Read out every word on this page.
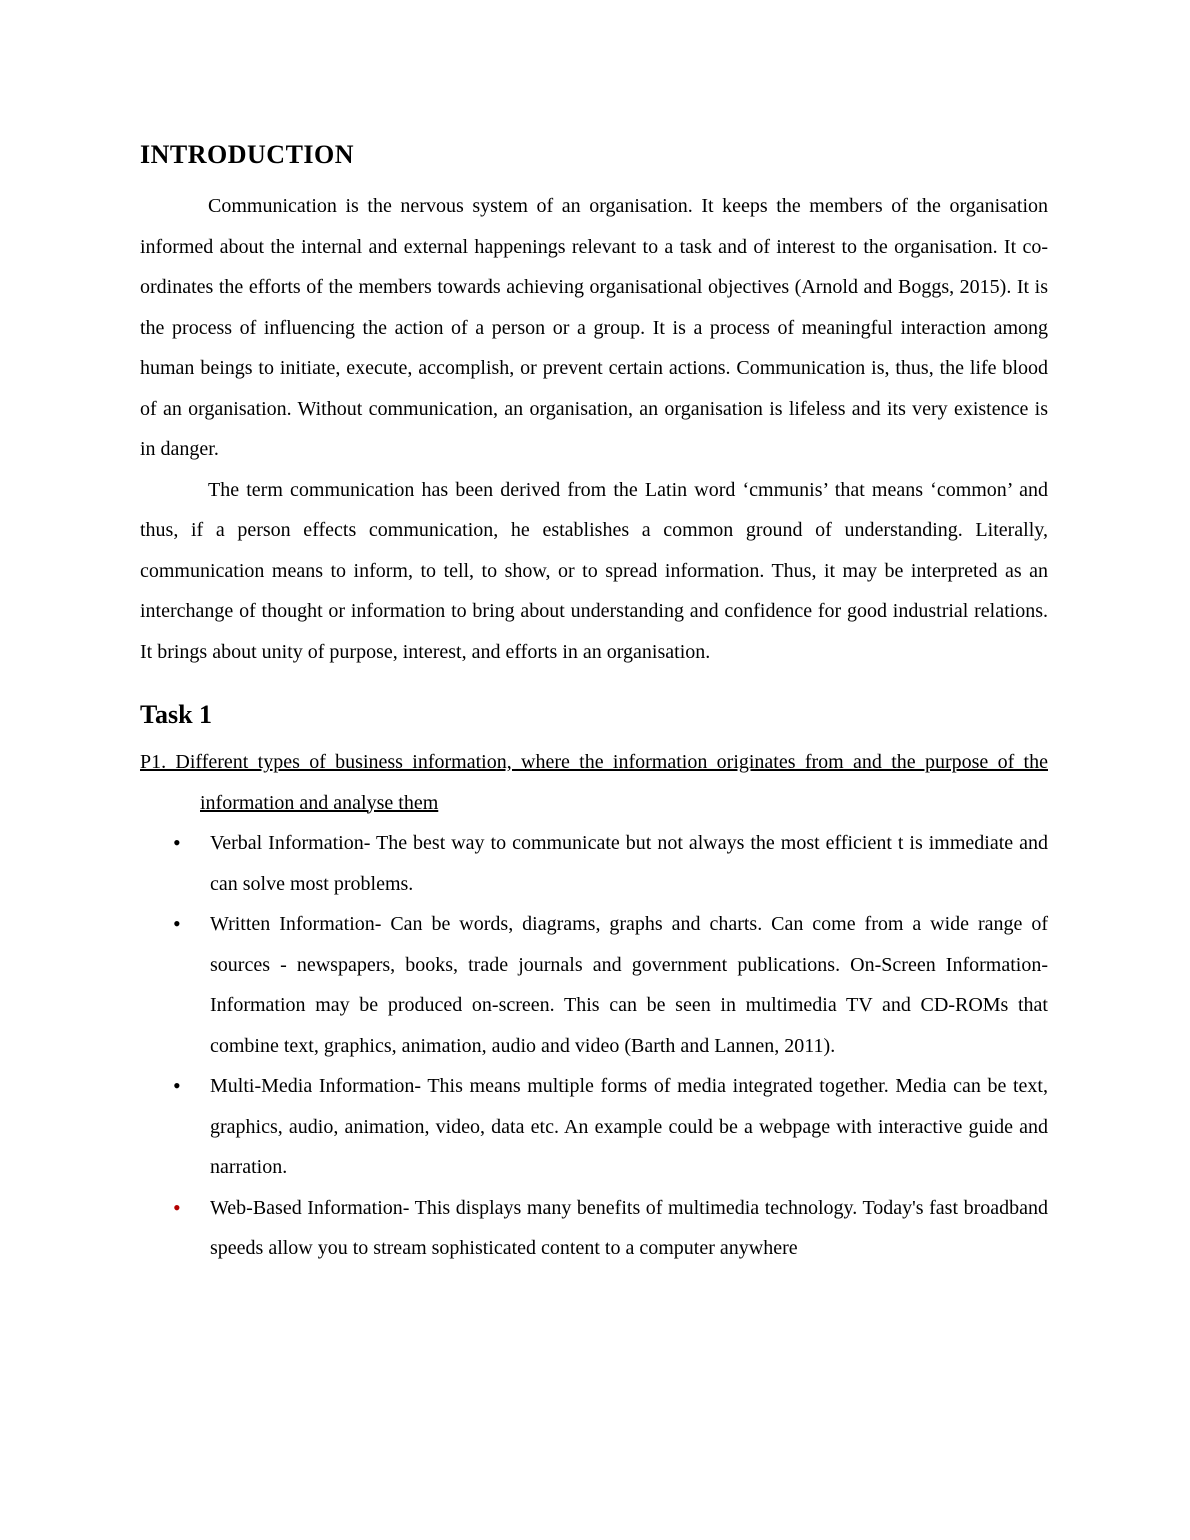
INTRODUCTION

Communication is the nervous system of an organisation. It keeps the members of the organisation informed about the internal and external happenings relevant to a task and of interest to the organisation. It co-ordinates the efforts of the members towards achieving organisational objectives (Arnold and Boggs, 2015). It is the process of influencing the action of a person or a group. It is a process of meaningful interaction among human beings to initiate, execute, accomplish, or prevent certain actions. Communication is, thus, the life blood of an organisation. Without communication, an organisation, an organisation is lifeless and its very existence is in danger.

The term communication has been derived from the Latin word ‘cmmunis’ that means ‘common’ and thus, if a person effects communication, he establishes a common ground of understanding. Literally, communication means to inform, to tell, to show, or to spread information. Thus, it may be interpreted as an interchange of thought or information to bring about understanding and confidence for good industrial relations. It brings about unity of purpose, interest, and efforts in an organisation.

Task 1

P1. Different types of business information, where the information originates from and the purpose of the information and analyse them

• Verbal Information- The best way to communicate but not always the most efficient t is immediate and can solve most problems.
• Written Information- Can be words, diagrams, graphs and charts. Can come from a wide range of sources - newspapers, books, trade journals and government publications. On-Screen Information- Information may be produced on-screen. This can be seen in multimedia TV and CD-ROMs that combine text, graphics, animation, audio and video (Barth and Lannen, 2011).
• Multi-Media Information- This means multiple forms of media integrated together. Media can be text, graphics, audio, animation, video, data etc. An example could be a webpage with interactive guide and narration.
• Web-Based Information- This displays many benefits of multimedia technology. Today's fast broadband speeds allow you to stream sophisticated content to a computer anywhere
